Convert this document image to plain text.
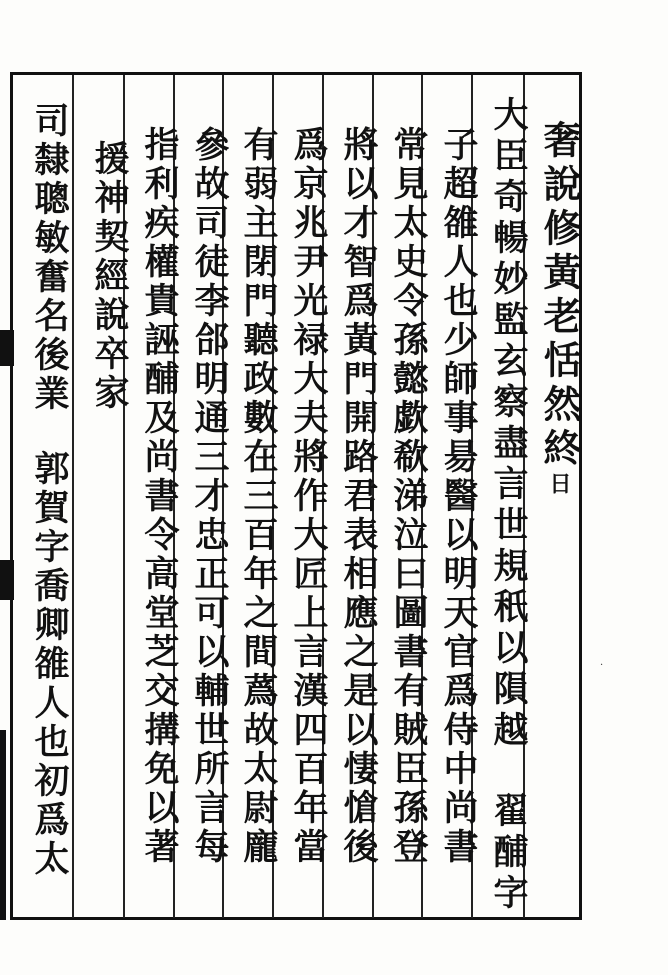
奢說修黃老恬然終日
大臣奇暢妙監玄察盡言世規秖以隕越翟酺字
子超雒人也少師事昜醫以明天官爲侍中尚書
常見太史令孫懿歔欷涕泣曰圖書有賊臣孫登
將以才智爲黃門開路君表相應之是以悽愴後
爲京兆尹光禄大夫將作大匠上言漢四百年當
有弱主閉門聽政數在三百年之間蔿故太尉龐
參故司徒李郃明通三才忠正可以輔世所言每
指利疾權貴誣酺及尚書令高堂芝交搆免以著
援神契經說卒家
司隸聰敏奮名後業郭賀字喬卿雒人也初爲太	·
